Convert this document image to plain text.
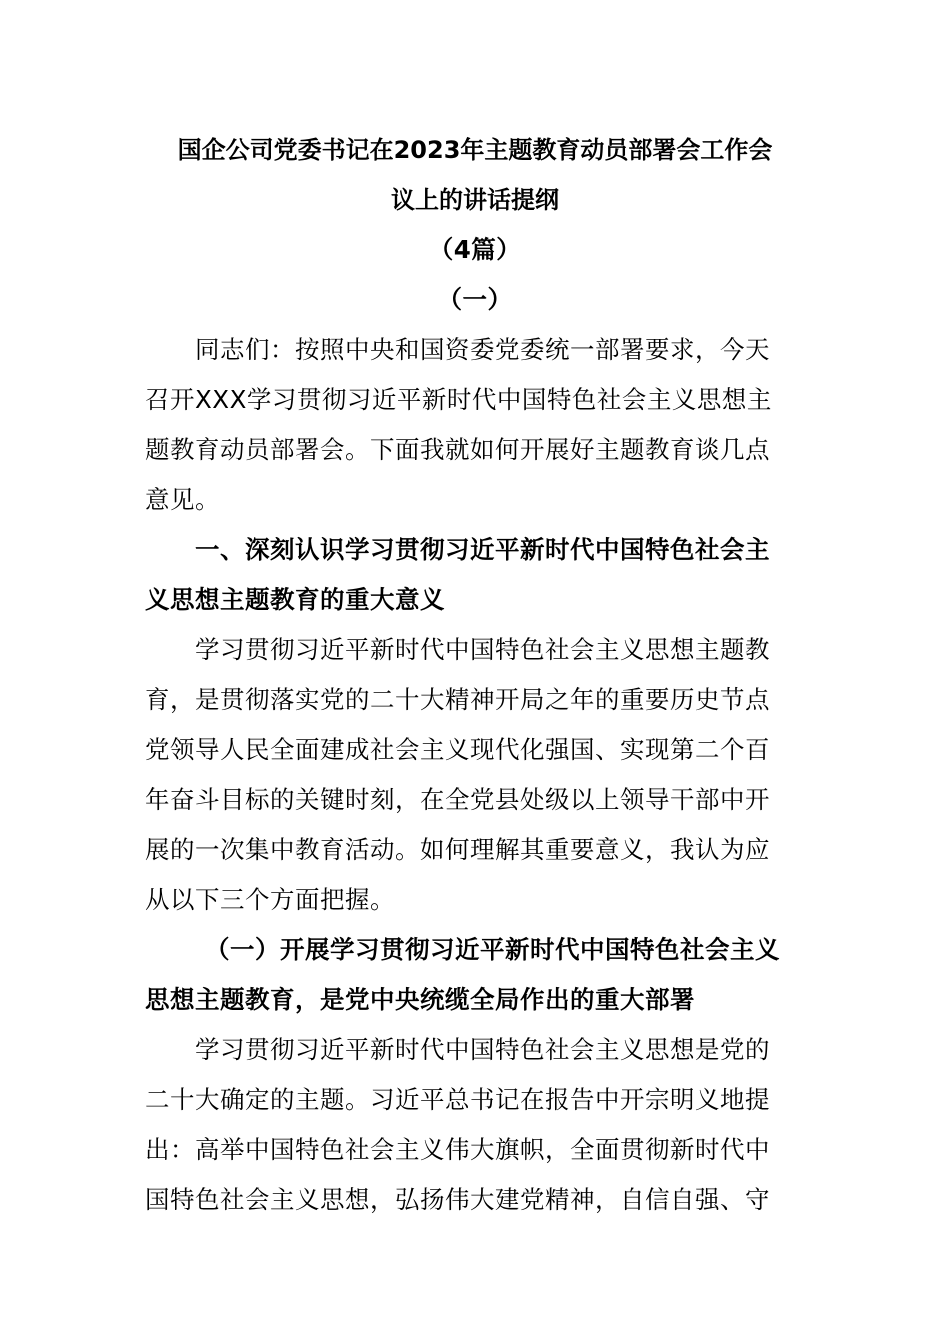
国企公司党委书记在2023年主题教育动员部署会工作会
议上的讲话提纲
（4篇）
（一）
同志们：按照中央和国资委党委统一部署要求，今天
召开XXX学习贯彻习近平新时代中国特色社会主义思想主
题教育动员部署会。下面我就如何开展好主题教育谈几点
意见。
一、深刻认识学习贯彻习近平新时代中国特色社会主
义思想主题教育的重大意义
学习贯彻习近平新时代中国特色社会主义思想主题教
育，是贯彻落实党的二十大精神开局之年的重要历史节点
党领导人民全面建成社会主义现代化强国、实现第二个百
年奋斗目标的关键时刻，在全党县处级以上领导干部中开
展的一次集中教育活动。如何理解其重要意义，我认为应
从以下三个方面把握。
（一）开展学习贯彻习近平新时代中国特色社会主义
思想主题教育，是党中央统缆全局作出的重大部署
学习贯彻习近平新时代中国特色社会主义思想是党的
二十大确定的主题。习近平总书记在报告中开宗明义地提
出：高举中国特色社会主义伟大旗帜，全面贯彻新时代中
国特色社会主义思想，弘扬伟大建党精神，自信自强、守
